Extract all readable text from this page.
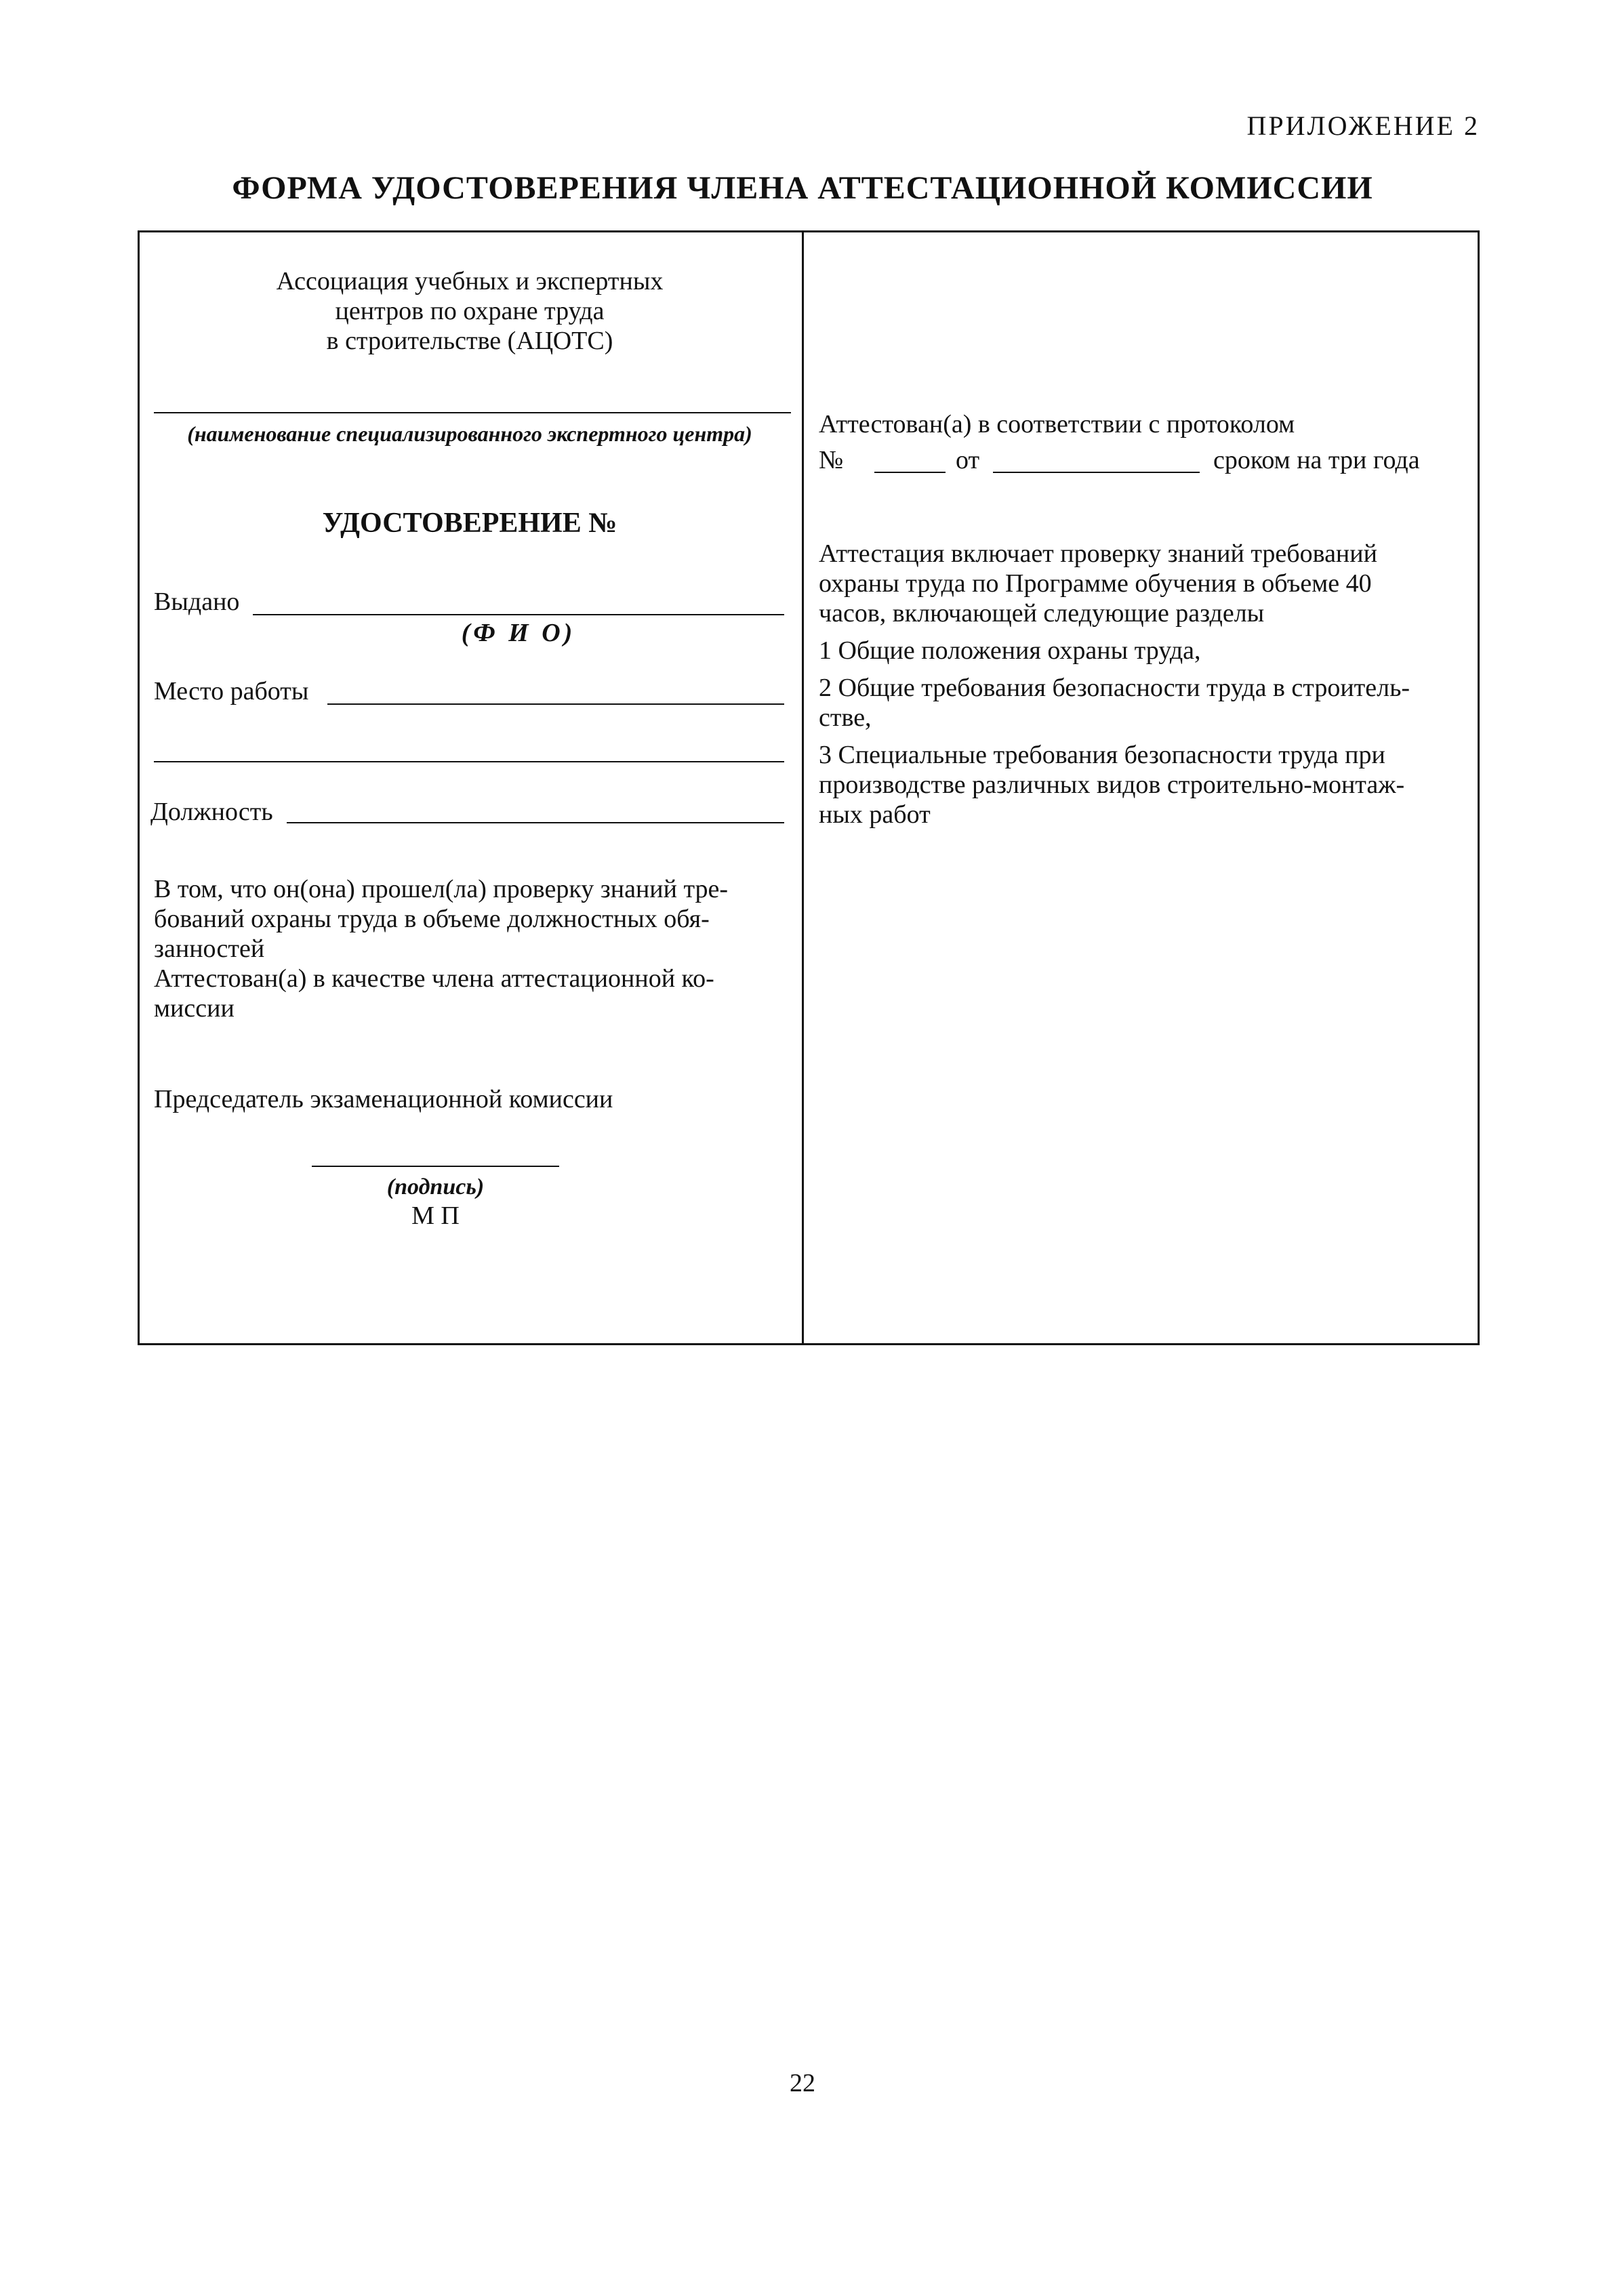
ПРИЛОЖЕНИЕ 2
ФОРМА УДОСТОВЕРЕНИЯ ЧЛЕНА АТТЕСТАЦИОННОЙ КОМИССИИ
Ассоциация учебных и экспертных
центров по охране труда
в строительстве (АЦОТС)
(наименование специализированного экспертного центра)
УДОСТОВЕРЕНИЕ №
Выдано
(Ф И О)
Место работы
Должность
В том, что он(она) прошел(ла) проверку знаний тре-
бований охраны труда в объеме должностных обя-
занностей
Аттестован(а) в качестве члена аттестационной ко-
миссии
Председатель экзаменационной комиссии
(подпись)
М П
Аттестован(а) в соответствии с протоколом
№	от	сроком на три года
Аттестация включает проверку знаний требований
охраны труда по Программе обучения в объеме 40
часов, включающей следующие разделы
1 Общие положения охраны труда,
2 Общие требования безопасности труда в строитель-
стве,
3 Специальные требования безопасности труда при
производстве различных видов строительно-монтаж-
ных работ
22
